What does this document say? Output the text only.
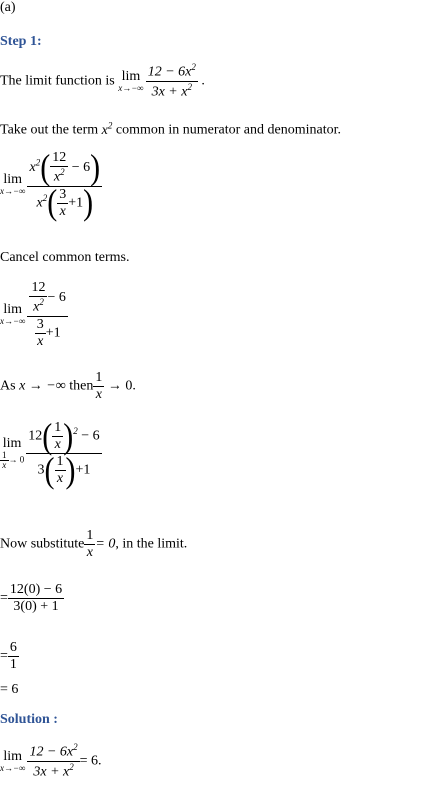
(a)
Step 1:
The limit function is lim
$x\to-\infty \frac{12 - 6x^2}{3x + x^2}$ .
Take out the term $x^2$ common in numerator and denominator.
lim
$x\to-\infty \frac{x^2( \frac{12}{x^2} - 6)}{x^2( \frac{3}{x} +1)}$
Cancel common terms.
lim
$x\to-\infty \frac{\frac{12}{x^2} - 6}{\frac{3}{x} +1}$
As x → −∞ then $\frac{1}{x} \to 0$.
lim
$\frac{1}{x} \to 0 \frac{12( \frac{1}{x} )^2 - 6}{3( \frac{1}{x} )+1}$
Now substitute $\frac{1}{x} = 0$, in the limit.
= $\frac{12(0) - 6}{3(0) + 1}$
= $\frac{6}{1}$
= 6
Solution :
lim
$x\to-\infty \frac{12 - 6x^2}{3x + x^2} = 6$.
